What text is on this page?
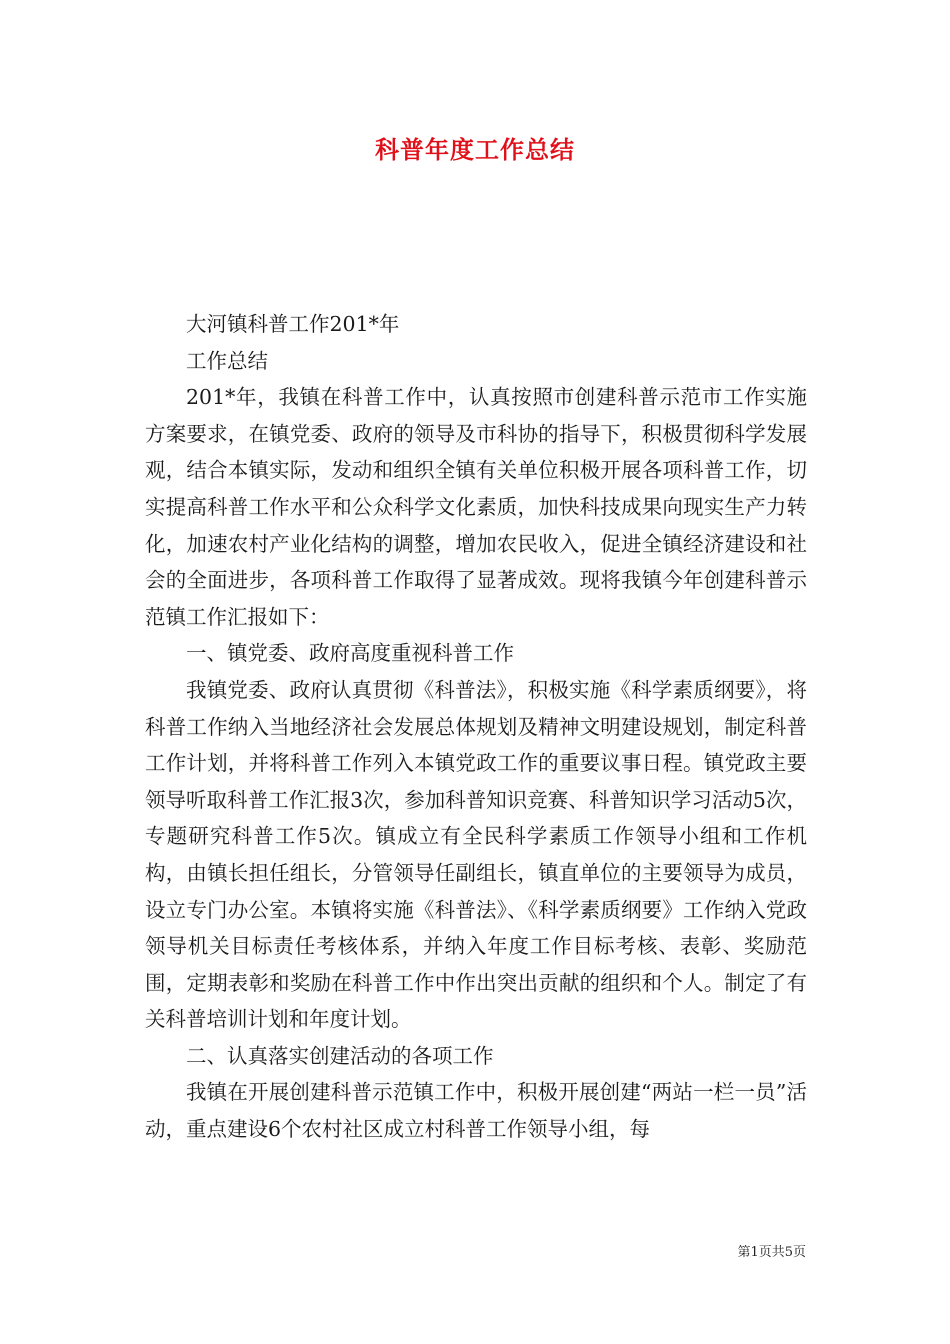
科普年度工作总结

大河镇科普工作201*年

工作总结

201*年，我镇在科普工作中，认真按照市创建科普示范市工作实施方案要求，在镇党委、政府的领导及市科协的指导下，积极贯彻科学发展观，结合本镇实际，发动和组织全镇有关单位积极开展各项科普工作，切实提高科普工作水平和公众科学文化素质，加快科技成果向现实生产力转化，加速农村产业化结构的调整，增加农民收入，促进全镇经济建设和社会的全面进步，各项科普工作取得了显著成效。现将我镇今年创建科普示范镇工作汇报如下：

一、镇党委、政府高度重视科普工作

我镇党委、政府认真贯彻《科普法》，积极实施《科学素质纲要》，将科普工作纳入当地经济社会发展总体规划及精神文明建设规划，制定科普工作计划，并将科普工作列入本镇党政工作的重要议事日程。镇党政主要领导听取科普工作汇报3次，参加科普知识竞赛、科普知识学习活动5次，专题研究科普工作5次。镇成立有全民科学素质工作领导小组和工作机构，由镇长担任组长，分管领导任副组长，镇直单位的主要领导为成员，设立专门办公室。本镇将实施《科普法》、《科学素质纲要》工作纳入党政领导机关目标责任考核体系，并纳入年度工作目标考核、表彰、奖励范围，定期表彰和奖励在科普工作中作出突出贡献的组织和个人。制定了有关科普培训计划和年度计划。

二、认真落实创建活动的各项工作

我镇在开展创建科普示范镇工作中，积极开展创建“两站一栏一员”活动，重点建设6个农村社区成立村科普工作领导小组，每

第1页共5页
